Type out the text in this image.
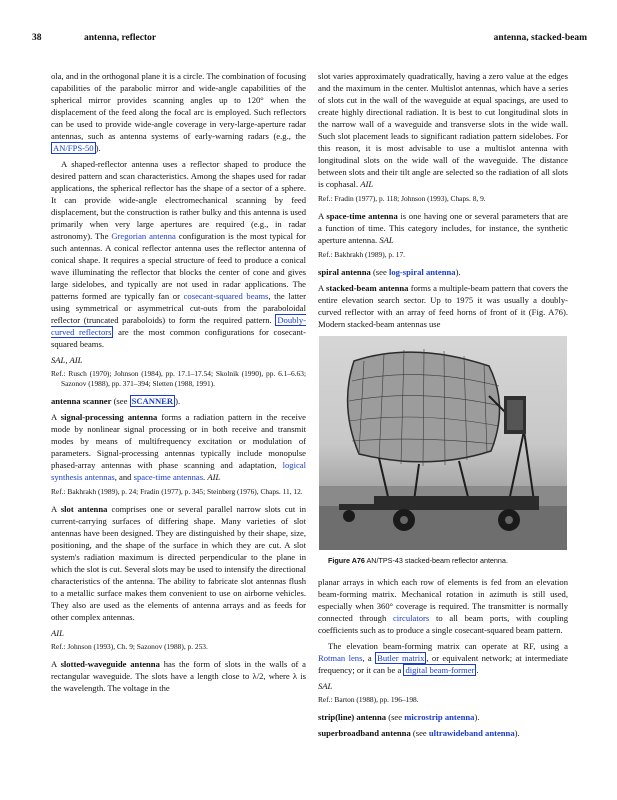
38	antenna, reflector	antenna, stacked-beam

ola, and in the orthogonal plane it is a circle. The combination of focusing capabilities of the parabolic mirror and wide-angle capabilities of the spherical mirror provides scanning angles up to 120° when the displacement of the feed along the focal arc is employed. Such reflectors can be used to provide wide-angle coverage in very-large-aperture radar antennas, such as antenna systems of early-warning radars (e.g., the AN/FPS-50 ).

A shaped-reflector antenna uses a reflector shaped to produce the desired pattern and scan characteristics. Among the shapes used for radar applications, the spherical reflector has the shape of a sector of a sphere. It can provide wide-angle electromechanical scanning by feed displacement, but the construction is rather bulky and this antenna is used primarily when very large apertures are required (e.g., in radar astronomy). The Gregorian antenna configuration is the most typical for such antennas. A conical reflector antenna uses the reflector antenna of conical shape. It requires a special structure of feed to produce a conical wave illuminating the reflector that blocks the center of cone and gives large sidelobes, and typically are not used in radar applications. The patterns formed are typically fan or cosecant-squared beams, the latter using symmetrical or asymmetrical cut-outs from the paraboloidal reflector (truncated paraboloids) to form the required pattern. Doubly-curved reflectors are the most common configurations for cosecant-squared beams.

SAL, AIL

Ref.: Rusch (1970); Johnson (1984), pp. 17.1–17.54; Skolnik (1990), pp. 6.1–6.63; Sazonov (1988), pp. 371–394; Sletten (1988, 1991).

antenna scanner (see SCANNER ).

A signal-processing antenna forms a radiation pattern in the receive mode by nonlinear signal processing or in both receive and transmit modes by means of multifrequency excitation or modulation of parameters. Signal-processing antennas typically include monopulse phased-array antennas with phase scanning and adaptation, logical synthesis antennas, and space-time antennas. AIL

Ref.: Bakhrakh (1989), p. 24; Fradin (1977), p. 345; Steinberg (1976), Chaps. 11, 12.

A slot antenna comprises one or several parallel narrow slots cut in current-carrying surfaces of differing shape. Many varieties of slot antennas have been designed. They are distinguished by their shape, size, positioning, and the shape of the surface in which they are cut. A slot system's radiation maximum is directed perpendicular to the plane in which the slot is cut. Several slots may be used to intensify the directional characteristics of the antenna. The ability to fabricate slot antennas flush to a metallic surface makes them convenient to use on airborne vehicles. They also are used as the elements of antenna arrays and as feeds for other complex antennas.

AIL

Ref.: Johnson (1993), Ch. 9; Sazonov (1988), p. 253.

A slotted-waveguide antenna has the form of slots in the walls of a rectangular waveguide. The slots have a length close to λ/2, where λ is the wavelength. The voltage in the

slot varies approximately quadratically, having a zero value at the edges and the maximum in the center. Multislot antennas, which have a series of slots cut in the wall of the waveguide at equal spacings, are used to create highly directional radiation. It is best to cut longitudinal slots in the narrow wall of a waveguide and transverse slots in the wide wall. Such slot placement leads to significant radiation pattern sidelobes. For this reason, it is most advisable to use a multislot antenna with longitudinal slots on the wide wall of the waveguide. The distance between slots and their tilt angle are selected so the radiation of all slots is cophasal. AIL

Ref.: Fradin (1977), p. 118; Johnson (1993), Chaps. 8, 9.

A space-time antenna is one having one or several parameters that are a function of time. This category includes, for instance, the synthetic aperture antenna. SAL

Ref.: Bakhrakh (1989), p. 17.

spiral antenna (see log-spiral antenna).

A stacked-beam antenna forms a multiple-beam pattern that covers the entire elevation search sector. Up to 1975 it was usually a doubly-curved reflector with an array of feed horns of front of it (Fig. A76). Modern stacked-beam antennas use

Figure A76 AN/TPS-43 stacked-beam reflector antenna.

planar arrays in which each row of elements is fed from an elevation beam-forming matrix. Mechanical rotation in azimuth is still used, especially when 360° coverage is required. The transmitter is normally connected through circulators to all beam ports, with coupling coefficients such as to produce a single cosecant-squared beam pattern.

The elevation beam-forming matrix can operate at RF, using a Rotman lens, a Butler matrix , or equivalent network; at intermediate frequency; or it can be a digital beam-former .

SAL

Ref.: Barton (1988), pp. 196–198.

strip(line) antenna (see microstrip antenna).

superbroadband antenna (see ultrawideband antenna).
